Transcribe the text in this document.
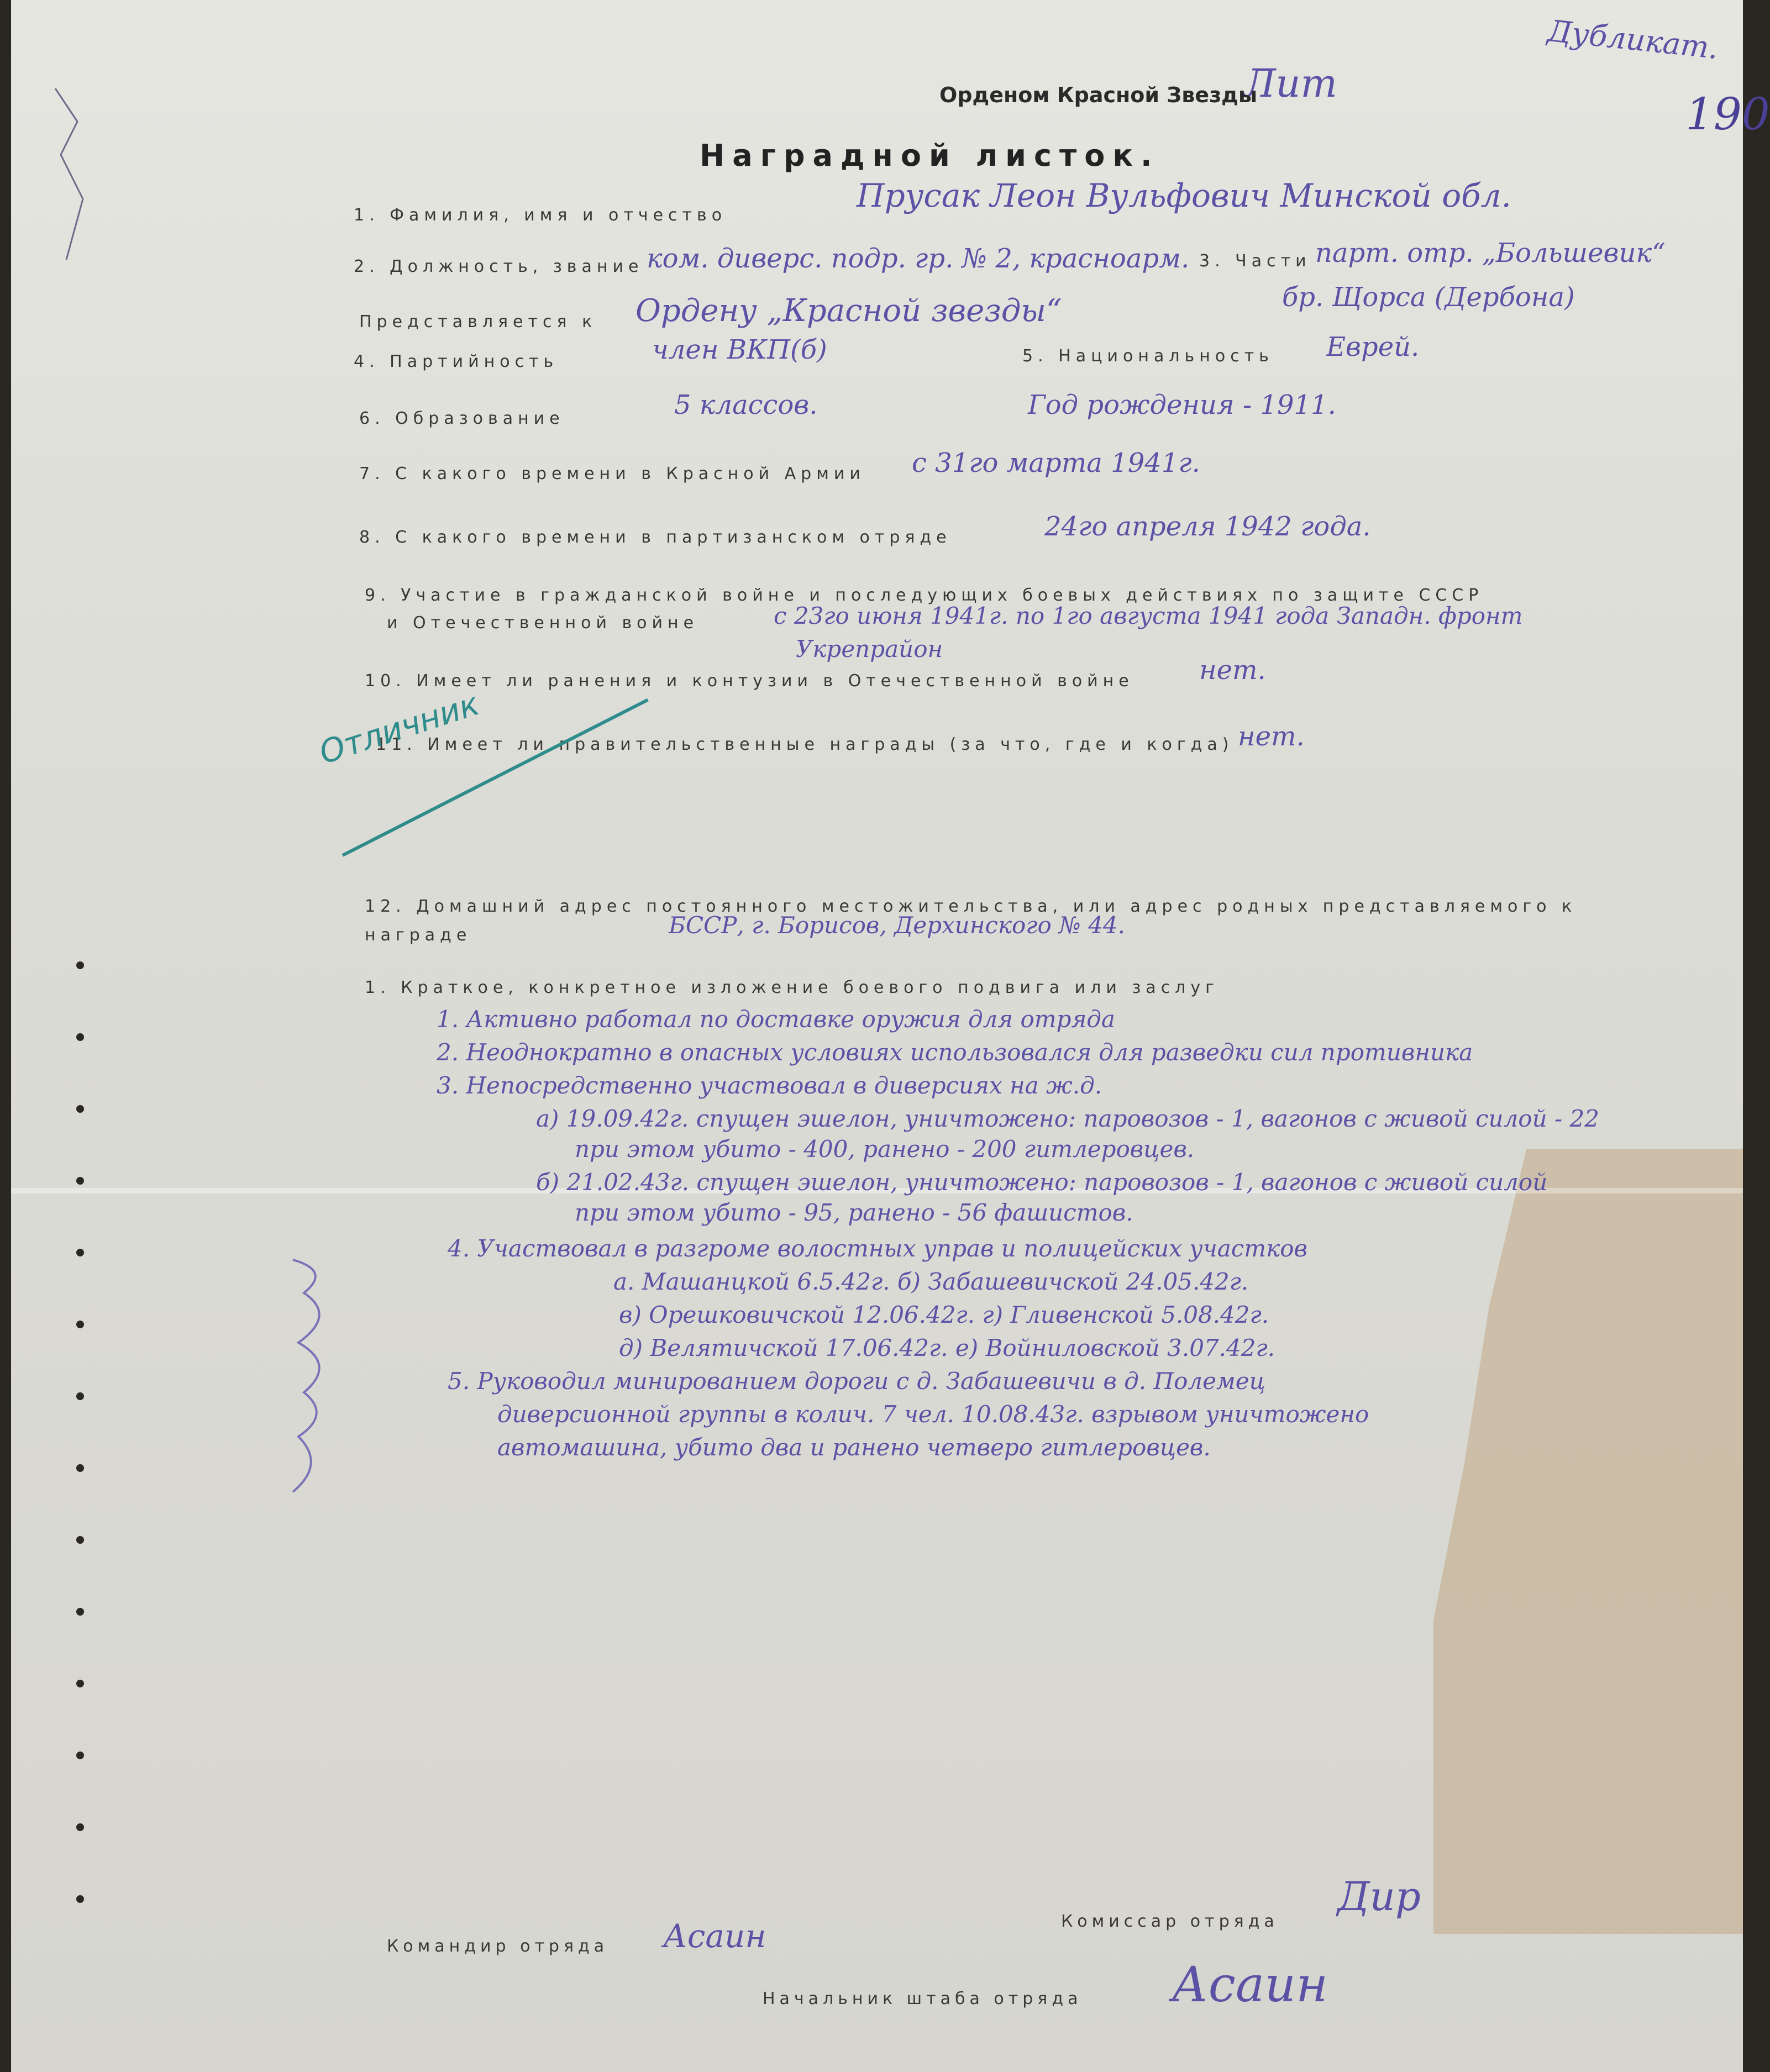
Дубликат.
190
Лит
Орденом Красной Звезды
Наградной листок.
1. Фамилия, имя и отчество
Прусак Леон Вульфович Минской обл.
2. Должность, звание ком. диверс. подр. гр. № 2, красноарм. 3. Части парт. отр. „Большевик“
бр. Щорса (Дербона)
Представляется к Ордену „Красной звезды“
4. Партийность	член ВКП(б)	5. Национальность Еврей.
6. Образование	5 классов.	Год рождения - 1911.
7. С какого времени в Красной Армии с 31го марта 1941г.
8. С какого времени в партизанском отряде	24го апреля 1942 года.
9. Участие в гражданской войне и последующих боевых действиях по защите СССР
и Отечественной войне	с 23го июня 1941г. по 1го августа 1941 года Западн. фронт
Укрепрайон
10. Имеет ли ранения и контузии в Отечественной войне нет.
11. Имеет ли правительственные награды (за что, где и когда) нет.
Отличник
12. Домашний адрес постоянного местожительства, или адрес родных представляемого к награде	БССР, г. Борисов, Дерхинского № 44.
1. Краткое, конкретное изложение боевого подвига или заслуг
1. Активно работал по доставке оружия для отряда
2. Неоднократно в опасных условиях использовался для разведки сил противника
3. Непосредственно участвовал в диверсиях на ж.д.
а) 19.09.42г. спущен эшелон, уничтожено: паровозов - 1, вагонов с живой силой - 22
при этом убито - 400, ранено - 200 гитлеровцев.
б) 21.02.43г. спущен эшелон, уничтожено: паровозов - 1, вагонов с живой силой
при этом убито - 95, ранено - 56 фашистов.
4. Участвовал в разгроме волостных управ и полицейских участков
а. Машанцкой 6.5.42г. б) Забашевичской 24.05.42г.
в) Орешковичской 12.06.42г. г) Гливенской 5.08.42г.
д) Велятичской 17.06.42г. е) Войниловской 3.07.42г.
5. Руководил минированием дороги с д. Забашевичи в д. Полемец
диверсионной группы в колич. 7 чел. 10.08.43г. взрывом уничтожено
автомашина, убито два и ранено четверо гитлеровцев.
Командир отряда Асаин	Комиссар отряда
Дир
Начальник штаба отряда Асаин
